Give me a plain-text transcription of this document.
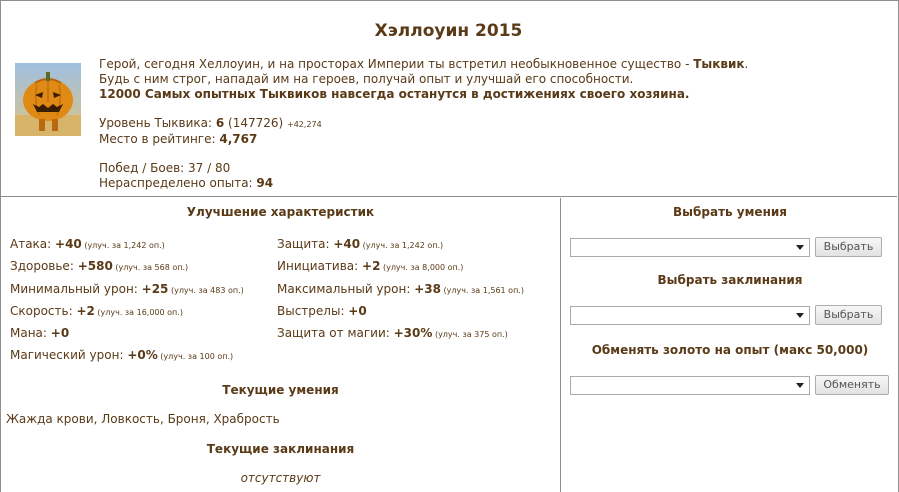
Хэллоуин 2015
Герой, сегодня Хеллоуин, и на просторах Империи ты встретил необыкновенное существо - Тыквик.
Будь с ним строг, нападай им на героев, получай опыт и улучшай его способности.
12000 Самых опытных Тыквиков навсегда останутся в достижениях своего хозяина.
Уровень Тыквика: 6 (147726) +42,274
Место в рейтинге: 4,767
Побед / Боев: 37 / 80
Нераспределено опыта: 94
Улучшение характеристик
Атака: +40 (улуч. за 1,242 оп.)
Здоровье: +580 (улуч. за 568 оп.)
Минимальный урон: +25 (улуч. за 483 оп.)
Скорость: +2 (улуч. за 16,000 оп.)
Мана: +0
Магический урон: +0% (улуч. за 100 оп.)
Защита: +40 (улуч. за 1,242 оп.)
Инициатива: +2 (улуч. за 8,000 оп.)
Максимальный урон: +38 (улуч. за 1,561 оп.)
Выстрелы: +0
Защита от магии: +30% (улуч. за 375 оп.)
Текущие умения
Жажда крови, Ловкость, Броня, Храбрость
Текущие заклинания
отсутствуют
Выбрать умения
Выбрать
Выбрать заклинания
Выбрать
Обменять золото на опыт (макс 50,000)
Обменять
